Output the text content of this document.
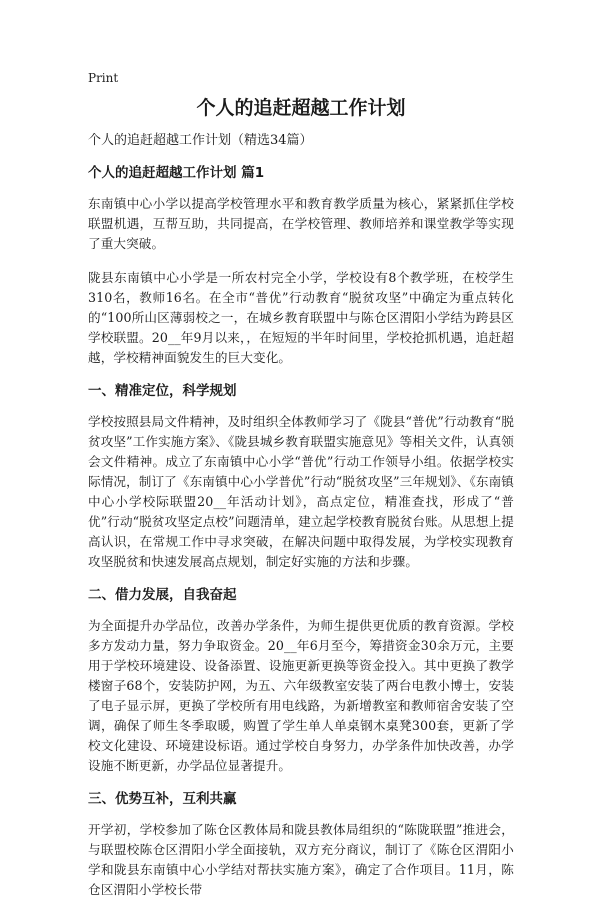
Print
个人的追赶超越工作计划
个人的追赶超越工作计划（精选34篇）
个人的追赶超越工作计划 篇1

东南镇中心小学以提高学校管理水平和教育教学质量为核心，紧紧抓住学校联盟机遇，互帮互助，共同提高，在学校管理、教师培养和课堂教学等实现了重大突破。

陇县东南镇中心小学是一所农村完全小学，学校设有8个教学班，在校学生310名，教师16名。在全市“普优”行动教育“脱贫攻坚”中确定为重点转化的“100所山区薄弱校之一，在城乡教育联盟中与陈仓区渭阳小学结为跨县区学校联盟。20__年9月以来，，在短短的半年时间里，学校抢抓机遇，追赶超越，学校精神面貌发生的巨大变化。

一、精准定位，科学规划

学校按照县局文件精神，及时组织全体教师学习了《陇县“普优”行动教育“脱贫攻坚”工作实施方案》、《陇县城乡教育联盟实施意见》等相关文件，认真领会文件精神。成立了东南镇中心小学“普优”行动工作领导小组。依据学校实际情况，制订了《东南镇中心小学普优”行动“脱贫攻坚”三年规划》、《东南镇中心小学校际联盟20__年活动计划》，高点定位，精准查找，形成了“普优”行动“脱贫攻坚定点校”问题清单，建立起学校教育脱贫台账。从思想上提高认识，在常规工作中寻求突破，在解决问题中取得发展，为学校实现教育攻坚脱贫和快速发展高点规划，制定好实施的方法和步骤。

二、借力发展，自我奋起

为全面提升办学品位，改善办学条件，为师生提供更优质的教育资源。学校多方发动力量，努力争取资金。20__年6月至今，筹措资金30余万元，主要用于学校环境建设、设备添置、设施更新更换等资金投入。其中更换了教学楼窗子68个，安装防护网，为五、六年级教室安装了两台电教小博士，安装了电子显示屏，更换了学校所有用电线路，为新增教室和教师宿舍安装了空调，确保了师生冬季取暖，购置了学生单人单桌钢木桌凳300套，更新了学校文化建设、环境建设标语。通过学校自身努力，办学条件加快改善，办学设施不断更新，办学品位显著提升。

三、优势互补，互利共赢

开学初，学校参加了陈仓区教体局和陇县教体局组织的“陈陇联盟”推进会，与联盟校陈仓区渭阳小学全面接轨，双方充分商议，制订了《陈仓区渭阳小学和陇县东南镇中心小学结对帮扶实施方案》，确定了合作项目。11月，陈仓区渭阳小学校长带
